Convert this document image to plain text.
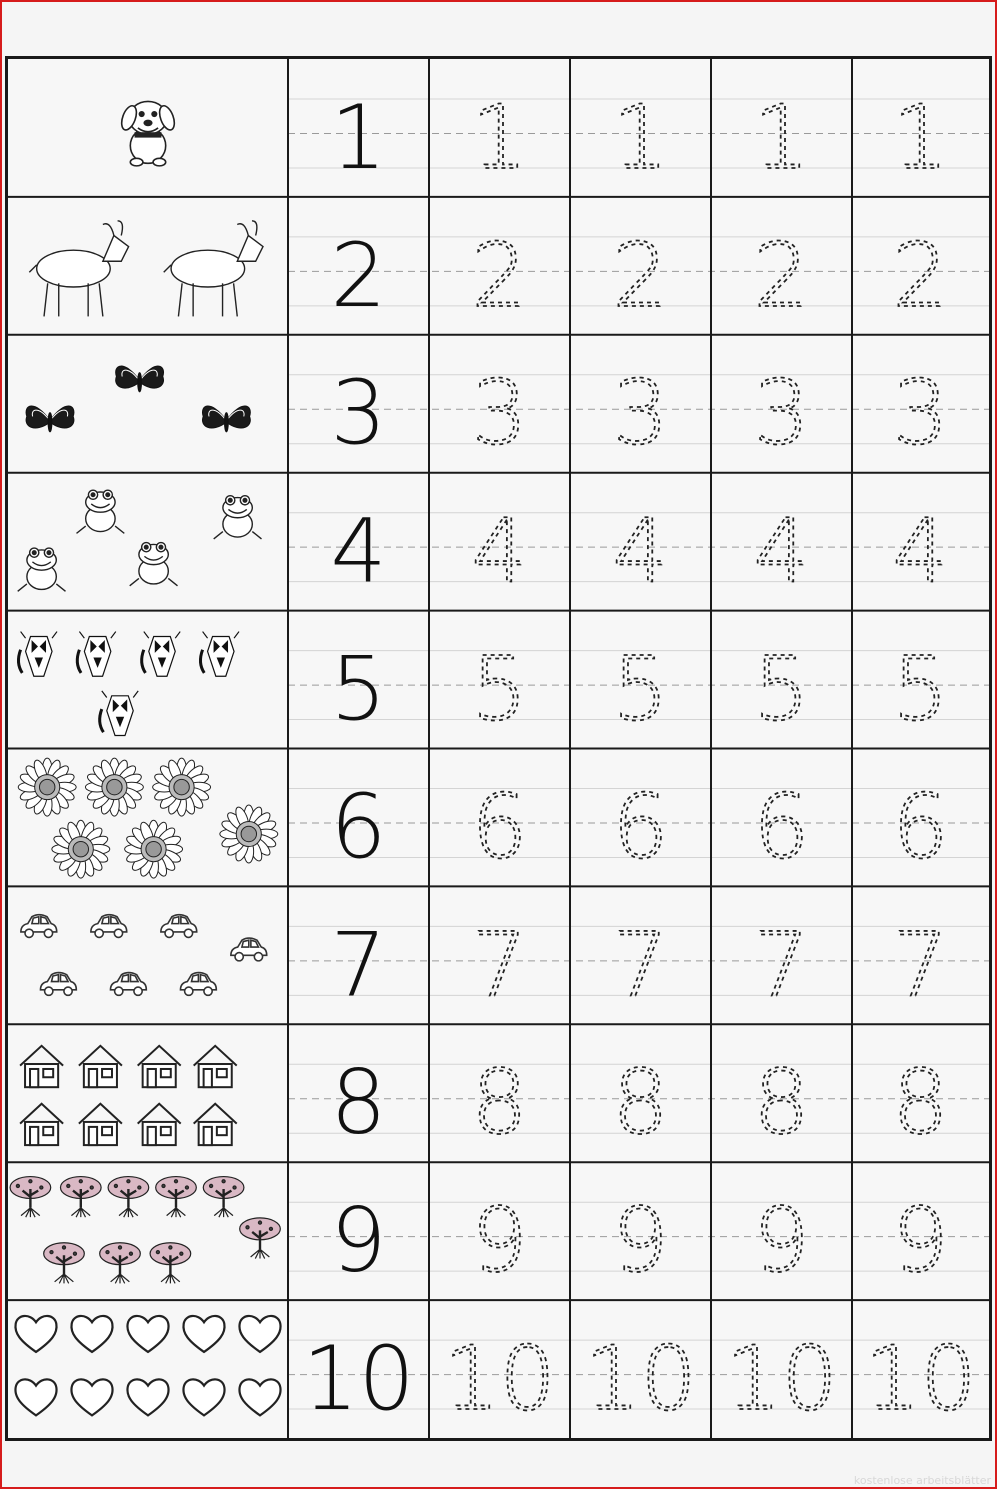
1 1 1 1 1
2 2 2 2 2
3 3 3 3 3
4 4 4 4 4
5 5 5 5 5
6 6 6 6 6
7 7 7 7 7
8 8 8 8 8
9 9 9 9 9
10 10 10 10 10
kostenlose arbeitsblätter
